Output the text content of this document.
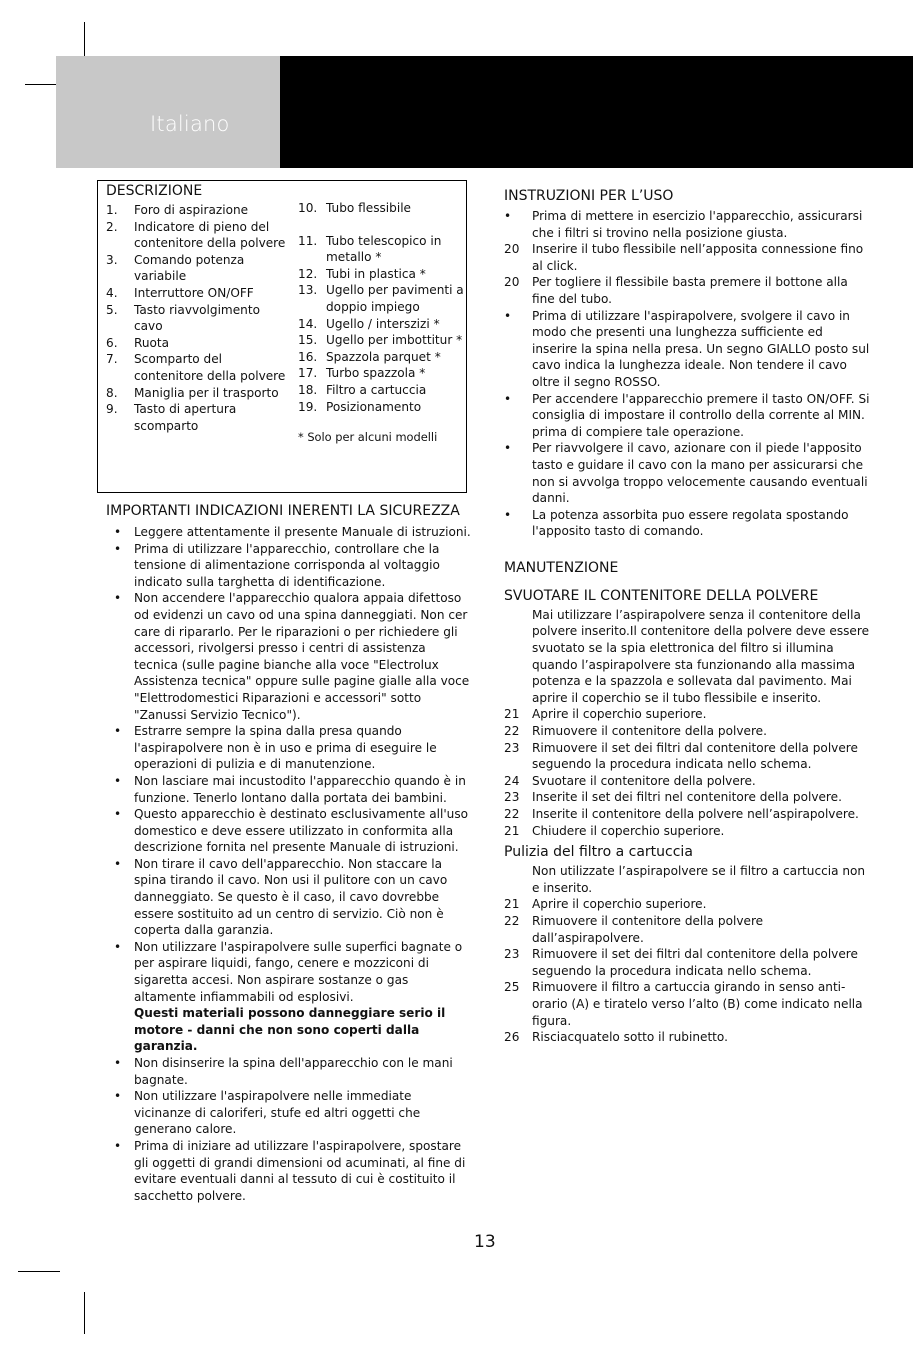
Italiano
DESCRIZIONE
1. Foro di aspirazione
2. Indicatore di pieno del contenitore della polvere
3. Comando potenza variabile
4. Interruttore ON/OFF
5. Tasto riavvolgimento cavo
6. Ruota
7. Scomparto del contenitore della polvere
8. Maniglia per il trasporto
9. Tasto di apertura scomparto
10. Tubo flessibile
11. Tubo telescopico in metallo *
12. Tubi in plastica *
13. Ugello per pavimenti a doppio impiego
14. Ugello / interszizi *
15. Ugello per imbottitur *
16. Spazzola parquet *
17. Turbo spazzola *
18. Filtro a cartuccia
19. Posizionamento
* Solo per alcuni modelli
IMPORTANTI INDICAZIONI INERENTI LA SICUREZZA
• Leggere attentamente il presente Manuale di istruzioni.
• Prima di utilizzare l'apparecchio, controllare che la tensione di alimentazione corrisponda al voltaggio indicato sulla targhetta di identificazione.
• Non accendere l'apparecchio qualora appaia difettoso od evidenzi un cavo od una spina danneggiati. Non cer care di ripararlo. Per le riparazioni o per richiedere gli accessori, rivolgersi presso i centri di assistenza tecnica (sulle pagine bianche alla voce "Electrolux Assistenza tecnica" oppure sulle pagine gialle alla voce "Elettrodomestici Riparazioni e accessori" sotto "Zanussi Servizio Tecnico").
• Estrarre sempre la spina dalla presa quando l'aspirapolvere non è in uso e prima di eseguire le operazioni di pulizia e di manutenzione.
• Non lasciare mai incustodito l'apparecchio quando è in funzione. Tenerlo lontano dalla portata dei bambini.
• Questo apparecchio è destinato esclusivamente all'uso domestico e deve essere utilizzato in conformita alla descrizione fornita nel presente Manuale di istruzioni.
• Non tirare il cavo dell'apparecchio. Non staccare la spina tirando il cavo. Non usi il pulitore con un cavo danneggiato. Se questo è il caso, il cavo dovrebbe essere sostituito ad un centro di servizio. Ciò non è coperta dalla garanzia.
• Non utilizzare l'aspirapolvere sulle superfici bagnate o per aspirare liquidi, fango, cenere e mozziconi di sigaretta accesi. Non aspirare sostanze o gas altamente infiammabili od esplosivi.
Questi materiali possono danneggiare serio il motore - danni che non sono coperti dalla garanzia.
• Non disinserire la spina dell'apparecchio con le mani bagnate.
• Non utilizzare l'aspirapolvere nelle immediate vicinanze di caloriferi, stufe ed altri oggetti che generano calore.
• Prima di iniziare ad utilizzare l'aspirapolvere, spostare gli oggetti di grandi dimensioni od acuminati, al fine di evitare eventuali danni al tessuto di cui è costituito il sacchetto polvere.
INSTRUZIONI PER L’USO
• Prima di mettere in esercizio l'apparecchio, assicurarsi che i filtri si trovino nella posizione giusta.
20 Inserire il tubo flessibile nell’apposita connessione fino al click.
20 Per togliere il flessibile basta premere il bottone alla fine del tubo.
• Prima di utilizzare l'aspirapolvere, svolgere il cavo in modo che presenti una lunghezza sufficiente ed inserire la spina nella presa. Un segno GIALLO posto sul cavo indica la lunghezza ideale. Non tendere il cavo oltre il segno ROSSO.
• Per accendere l'apparecchio premere il tasto ON/OFF. Si consiglia di impostare il controllo della corrente al MIN. prima di compiere tale operazione.
• Per riavvolgere il cavo, azionare con il piede l'apposito tasto e guidare il cavo con la mano per assicurarsi che non si avvolga troppo velocemente causando eventuali danni.
• La potenza assorbita puo essere regolata spostando l'apposito tasto di comando.
MANUTENZIONE
SVUOTARE IL CONTENITORE DELLA POLVERE
Mai utilizzare l’aspirapolvere senza il contenitore della polvere inserito.Il contenitore della polvere deve essere svuotato se la spia elettronica del filtro si illumina quando l’aspirapolvere sta funzionando alla massima potenza e la spazzola e sollevata dal pavimento. Mai aprire il coperchio se il tubo flessibile e inserito.
21 Aprire il coperchio superiore.
22 Rimuovere il contenitore della polvere.
23 Rimuovere il set dei filtri dal contenitore della polvere seguendo la procedura indicata nello schema.
24 Svuotare il contenitore della polvere.
23 Inserite il set dei filtri nel contenitore della polvere.
22 Inserite il contenitore della polvere nell’aspirapolvere.
21 Chiudere il coperchio superiore.
Pulizia del filtro a cartuccia
Non utilizzate l’aspirapolvere se il filtro a cartuccia non e inserito.
21 Aprire il coperchio superiore.
22 Rimuovere il contenitore della polvere dall’aspirapolvere.
23 Rimuovere il set dei filtri dal contenitore della polvere seguendo la procedura indicata nello schema.
25 Rimuovere il filtro a cartuccia girando in senso anti-orario (A) e tiratelo verso l’alto (B) come indicato nella figura.
26 Risciacquatelo sotto il rubinetto.
13
